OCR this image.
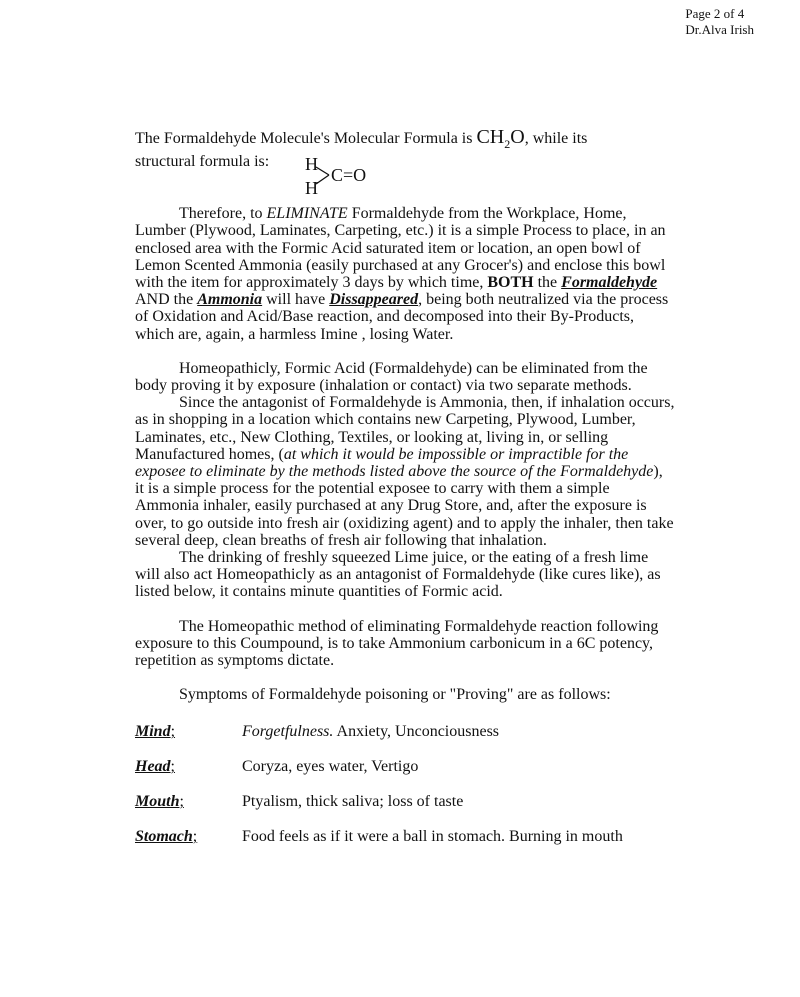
Page 2 of 4
Dr.Alva Irish

The Formaldehyde Molecule's Molecular Formula is $CH_2O$, while its

structural formula is: H
C=O
H

Therefore, to ELIMINATE Formaldehyde from the Workplace, Home, Lumber (Plywood, Laminates, Carpeting, etc.) it is a simple Process to place, in an enclosed area with the Formic Acid saturated item or location, an open bowl of Lemon Scented Ammonia (easily purchased at any Grocer's) and enclose this bowl with the item for approximately 3 days by which time, BOTH the Formaldehyde AND the Ammonia will have Dissappeared, being both neutralized via the process of Oxidation and Acid/Base reaction, and decomposed into their By-Products, which are, again, a harmless Imine , losing Water.

Homeopathicly, Formic Acid (Formaldehyde) can be eliminated from the body proving it by exposure (inhalation or contact) via two separate methods.

Since the antagonist of Formaldehyde is Ammonia, then, if inhalation occurs, as in shopping in a location which contains new Carpeting, Plywood, Lumber, Laminates, etc., New Clothing, Textiles, or looking at, living in, or selling Manufactured homes, (at which it would be impossible or impractible for the exposee to eliminate by the methods listed above the source of the Formaldehyde), it is a simple process for the potential exposee to carry with them a simple Ammonia inhaler, easily purchased at any Drug Store, and, after the exposure is over, to go outside into fresh air (oxidizing agent) and to apply the inhaler, then take several deep, clean breaths of fresh air following that inhalation.

The drinking of freshly squeezed Lime juice, or the eating of a fresh lime will also act Homeopathicly as an antagonist of Formaldehyde (like cures like), as listed below, it contains minute quantities of Formic acid.

The Homeopathic method of eliminating Formaldehyde reaction following exposure to this Coumpound, is to take Ammonium carbonicum in a 6C potency, repetition as symptoms dictate.

Symptoms of Formaldehyde poisoning or "Proving" are as follows:

Mind;	Forgetfulness. Anxiety, Unconciousness
Head;	Coryza, eyes water, Vertigo
Mouth;	Ptyalism, thick saliva; loss of taste
Stomach;	Food feels as if it were a ball in stomach. Burning in mouth
